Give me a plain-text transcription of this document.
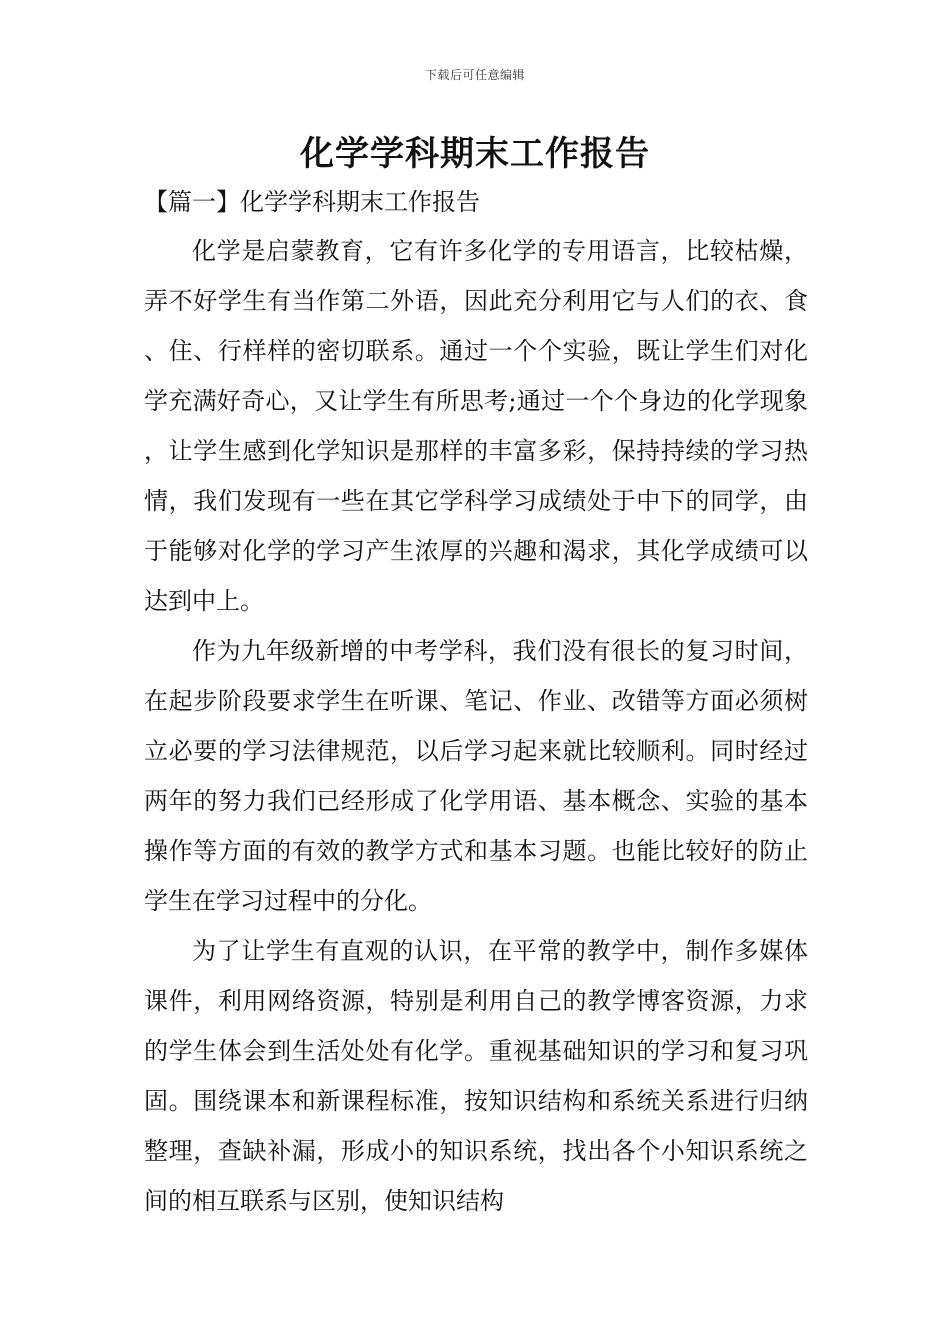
下载后可任意编辑
化学学科期末工作报告

【篇一】化学学科期末工作报告

化学是启蒙教育，它有许多化学的专用语言，比较枯燥，弄不好学生有当作第二外语，因此充分利用它与人们的衣、食、住、行样样的密切联系。通过一个个实验，既让学生们对化学充满好奇心，又让学生有所思考;通过一个个身边的化学现象，让学生感到化学知识是那样的丰富多彩，保持持续的学习热情，我们发现有一些在其它学科学习成绩处于中下的同学，由于能够对化学的学习产生浓厚的兴趣和渴求，其化学成绩可以达到中上。

作为九年级新增的中考学科，我们没有很长的复习时间，在起步阶段要求学生在听课、笔记、作业、改错等方面必须树立必要的学习法律规范，以后学习起来就比较顺利。同时经过两年的努力我们已经形成了化学用语、基本概念、实验的基本操作等方面的有效的教学方式和基本习题。也能比较好的防止学生在学习过程中的分化。

为了让学生有直观的认识，在平常的教学中，制作多媒体课件，利用网络资源，特别是利用自己的教学博客资源，力求的学生体会到生活处处有化学。重视基础知识的学习和复习巩固。围绕课本和新课程标准，按知识结构和系统关系进行归纳整理，查缺补漏，形成小的知识系统，找出各个小知识系统之间的相互联系与区别，使知识结构
